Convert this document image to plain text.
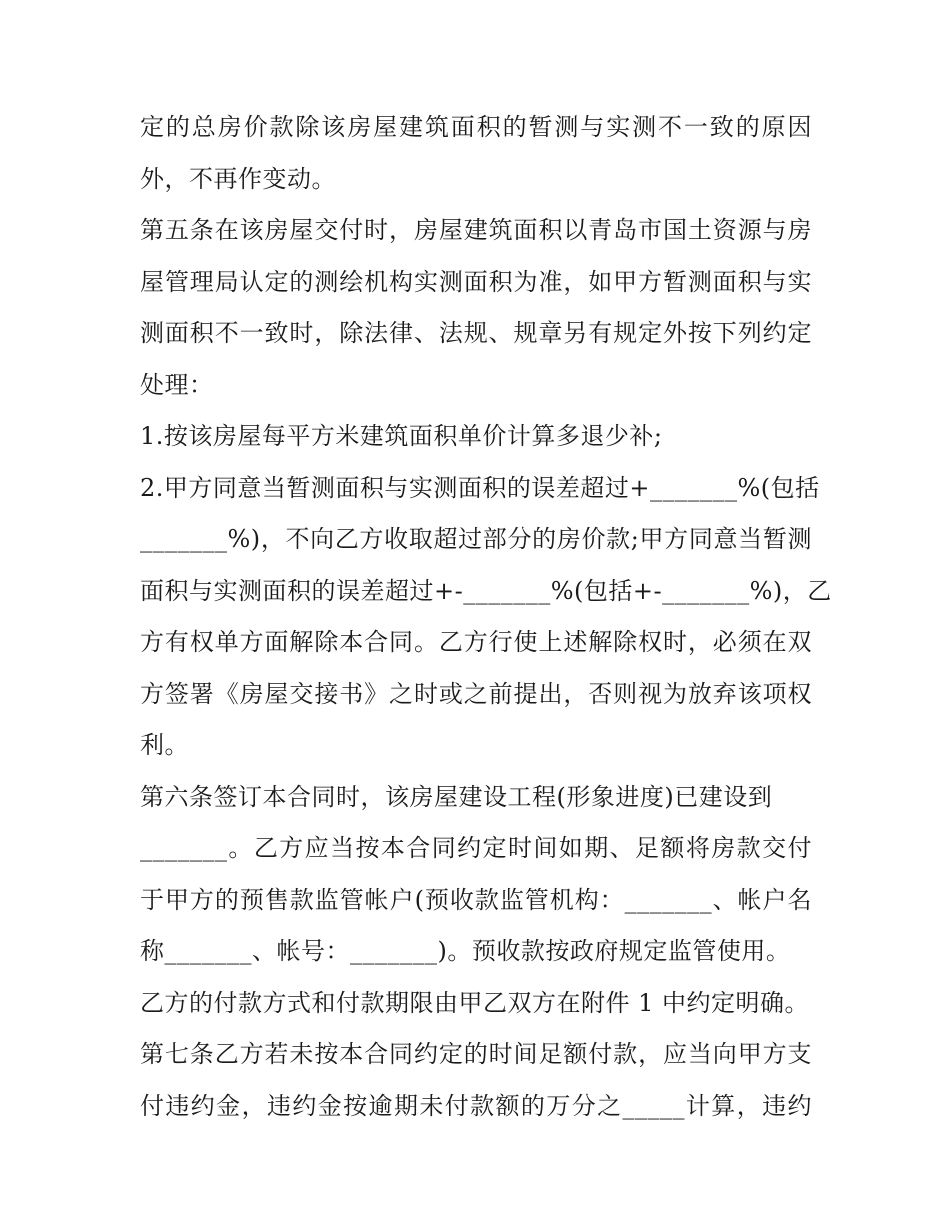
定的总房价款除该房屋建筑面积的暂测与实测不一致的原因
外，不再作变动。
第五条在该房屋交付时，房屋建筑面积以青岛市国土资源与房
屋管理局认定的测绘机构实测面积为准，如甲方暂测面积与实
测面积不一致时，除法律、法规、规章另有规定外按下列约定
处理：
1.按该房屋每平方米建筑面积单价计算多退少补;
2.甲方同意当暂测面积与实测面积的误差超过+_______%(包括
_______%)，不向乙方收取超过部分的房价款;甲方同意当暂测
面积与实测面积的误差超过+-_______%(包括+-_______%)，乙
方有权单方面解除本合同。乙方行使上述解除权时，必须在双
方签署《房屋交接书》之时或之前提出，否则视为放弃该项权
利。
第六条签订本合同时，该房屋建设工程(形象进度)已建设到
_______。乙方应当按本合同约定时间如期、足额将房款交付
于甲方的预售款监管帐户(预收款监管机构：_______、帐户名
称_______、帐号：_______)。预收款按政府规定监管使用。
乙方的付款方式和付款期限由甲乙双方在附件 1 中约定明确。
第七条乙方若未按本合同约定的时间足额付款，应当向甲方支
付违约金，违约金按逾期未付款额的万分之_____计算，违约
